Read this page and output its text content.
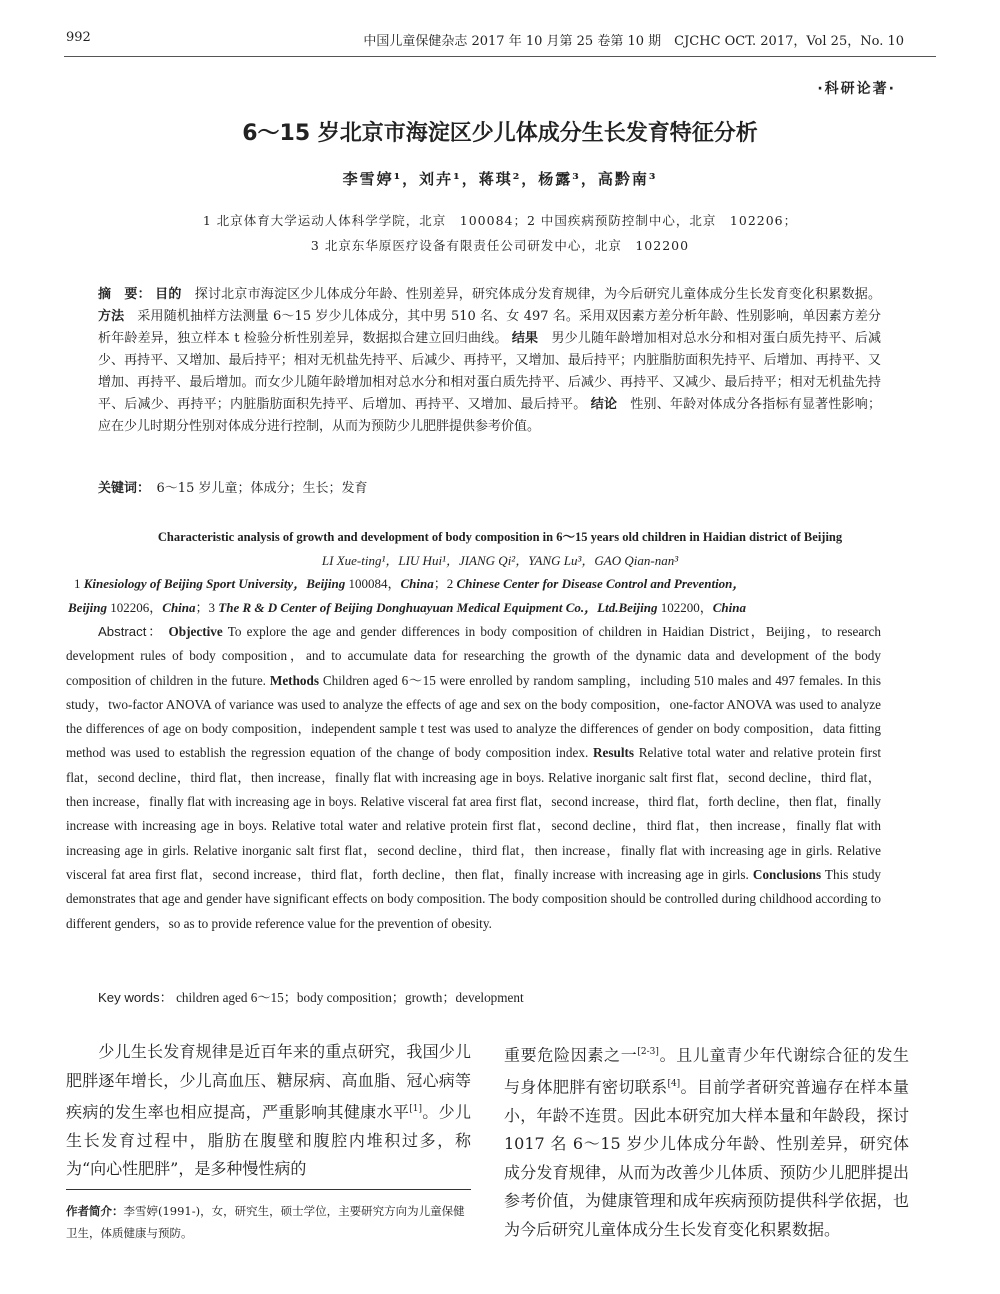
992	中国儿童保健杂志 2017 年 10 月第 25 卷第 10 期　CJCHC OCT. 2017，Vol 25，No. 10
·科研论著·
6～15 岁北京市海淀区少儿体成分生长发育特征分析
李雪婷¹，刘卉¹，蒋琪²，杨露³，高黔南³
1 北京体育大学运动人体科学学院，北京　100084；2 中国疾病预防控制中心，北京　102206；
3 北京东华原医疗设备有限责任公司研发中心，北京　102200
摘　要： 目的　 探讨北京市海淀区少儿体成分年龄、性别差异，研究体成分发育规律，为今后研究儿童体成分生长发育变化积累数据。 方法　 采用随机抽样方法测量 6～15 岁少儿体成分，其中男 510 名、女 497 名。采用双因素方差分析年龄、性别影响，单因素方差分析年龄差异，独立样本 t 检验分析性别差异，数据拟合建立回归曲线。 结果　 男少儿随年龄增加相对总水分和相对蛋白质先持平、后减少、再持平、又增加、最后持平；相对无机盐先持平、后减少、再持平，又增加、最后持平；内脏脂肪面积先持平、后增加、再持平、又增加、再持平、最后增加。而女少儿随年龄增加相对总水分和相对蛋白质先持平、后减少、再持平、又减少、最后持平；相对无机盐先持平、后减少、再持平；内脏脂肪面积先持平、后增加、再持平、又增加、最后持平。 结论　 性别、年龄对体成分各指标有显著性影响；应在少儿时期分性别对体成分进行控制，从而为预防少儿肥胖提供参考价值。
关键词：　 6～15 岁儿童；体成分；生长；发育
Characteristic analysis of growth and development of body composition in 6～15 years old children in Haidian district of Beijing
LI Xue-ting¹，LIU Hui¹，JIANG Qi²，YANG Lu³，GAO Qian-nan³
1 Kinesiology of Beijing Sport University，Beijing 100084，China；2 Chinese Center for Disease Control and Prevention，
Beijing 102206，China；3 The R & D Center of Beijing Donghuayuan Medical Equipment Co.，Ltd.Beijing 102200，China
Abstract： Objective To explore the age and gender differences in body composition of children in Haidian District，Beijing，to research development rules of body composition，and to accumulate data for researching the growth of the dynamic data and development of the body composition of children in the future. Methods Children aged 6～15 were enrolled by random sampling，including 510 males and 497 females. In this study，two-factor ANOVA of variance was used to analyze the effects of age and sex on the body composition，one-factor ANOVA was used to analyze the differences of age on body composition，independent sample t test was used to analyze the differences of gender on body composition，data fitting method was used to establish the regression equation of the change of body composition index. Results Relative total water and relative protein first flat，second decline，third flat，then increase，finally flat with increasing age in boys. Relative inorganic salt first flat，second decline，third flat，then increase，finally flat with increasing age in boys. Relative visceral fat area first flat，second increase，third flat，forth decline，then flat，finally increase with increasing age in boys. Relative total water and relative protein first flat，second decline，third flat，then increase，finally flat with increasing age in girls. Relative inorganic salt first flat，second decline，third flat，then increase，finally flat with increasing age in girls. Relative visceral fat area first flat，second increase，third flat，forth decline，then flat，finally increase with increasing age in girls. Conclusions This study demonstrates that age and gender have significant effects on body composition. The body composition should be controlled during childhood according to different genders，so as to provide reference value for the prevention of obesity.
Key words： children aged 6～15；body composition；growth；development
　　少儿生长发育规律是近百年来的重点研究，我国少儿肥胖逐年增长，少儿高血压、糖尿病、高血脂、冠心病等疾病的发生率也相应提高，严重影响其健康水平[1]。少儿生长发育过程中，脂肪在腹壁和腹腔内堆积过多，称为“向心性肥胖”，是多种慢性病的
重要危险因素之一[2-3]。且儿童青少年代谢综合征的发生与身体肥胖有密切联系[4]。目前学者研究普遍存在样本量小，年龄不连贯。因此本研究加大样本量和年龄段，探讨 1017 名 6～15 岁少儿体成分年龄、性别差异，研究体成分发育规律，从而为改善少儿体质、预防少儿肥胖提出参考价值，为健康管理和成年疾病预防提供科学依据，也为今后研究儿童体成分生长发育变化积累数据。
作者简介：李雪婷(1991-)，女，研究生，硕士学位，主要研究方向为儿童保健卫生，体质健康与预防。
